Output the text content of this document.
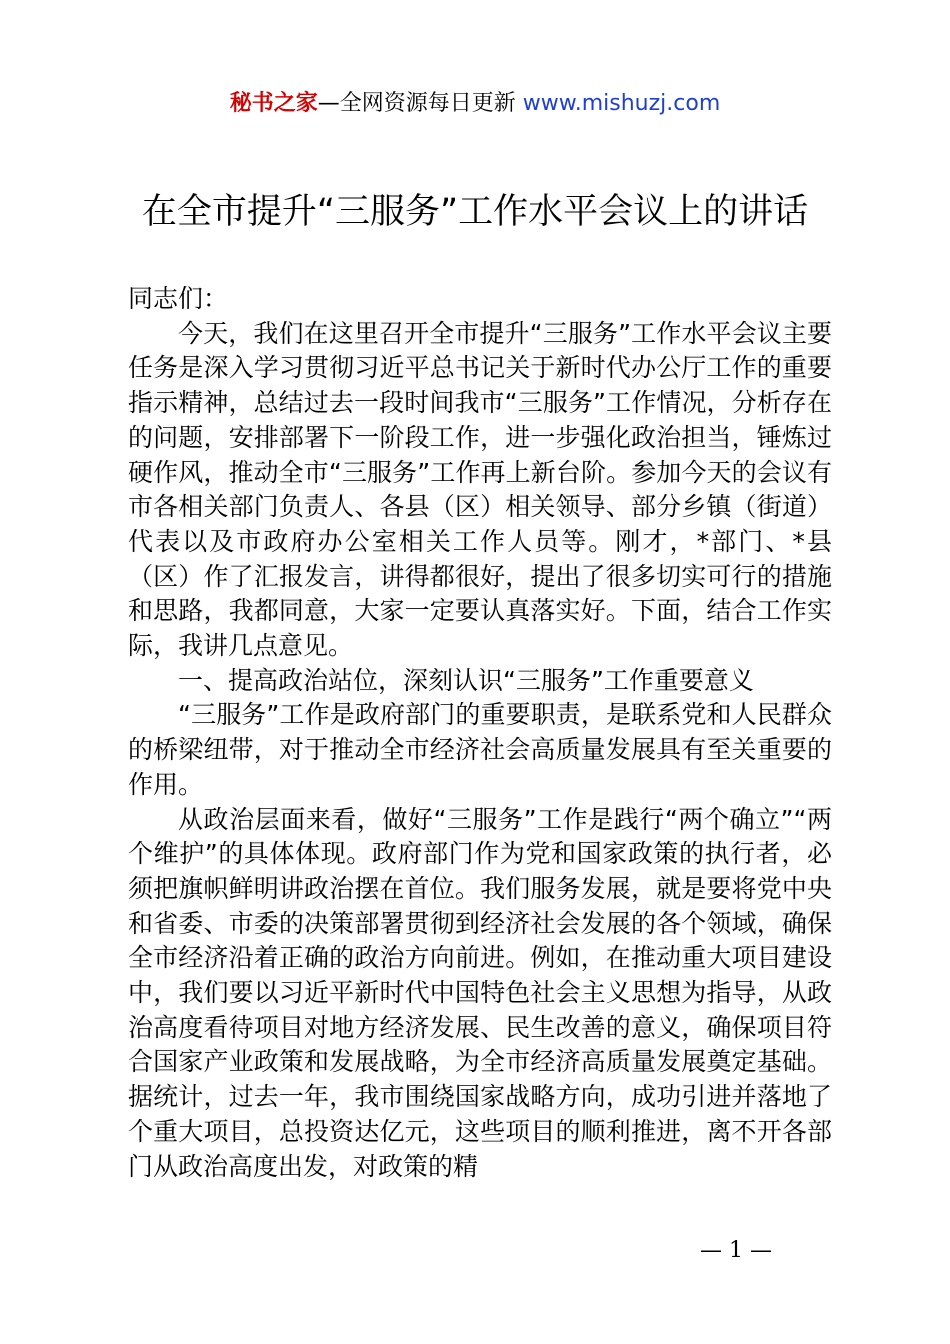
秘书之家—全网资源每日更新 www.mishuzj.com
在全市提升“三服务”工作水平会议上的讲话

同志们：

今天，我们在这里召开全市提升“三服务”工作水平会议主要任务是深入学习贯彻习近平总书记关于新时代办公厅工作的重要指示精神，总结过去一段时间我市“三服务”工作情况，分析存在的问题，安排部署下一阶段工作，进一步强化政治担当，锤炼过硬作风，推动全市“三服务”工作再上新台阶。参加今天的会议有市各相关部门负责人、各县（区）相关领导、部分乡镇（街道）代表以及市政府办公室相关工作人员等。刚才，*部门、*县（区）作了汇报发言，讲得都很好，提出了很多切实可行的措施和思路，我都同意，大家一定要认真落实好。下面，结合工作实际，我讲几点意见。

一、提高政治站位，深刻认识“三服务”工作重要意义

“三服务”工作是政府部门的重要职责，是联系党和人民群众的桥梁纽带，对于推动全市经济社会高质量发展具有至关重要的作用。

从政治层面来看，做好“三服务”工作是践行“两个确立”“两个维护”的具体体现。政府部门作为党和国家政策的执行者，必须把旗帜鲜明讲政治摆在首位。我们服务发展，就是要将党中央和省委、市委的决策部署贯彻到经济社会发展的各个领域，确保全市经济沿着正确的政治方向前进。例如，在推动重大项目建设中，我们要以习近平新时代中国特色社会主义思想为指导，从政治高度看待项目对地方经济发展、民生改善的意义，确保项目符合国家产业政策和发展战略，为全市经济高质量发展奠定基础。据统计，过去一年，我市围绕国家战略方向，成功引进并落地了个重大项目，总投资达亿元，这些项目的顺利推进，离不开各部门从政治高度出发，对政策的精

— 1 —
